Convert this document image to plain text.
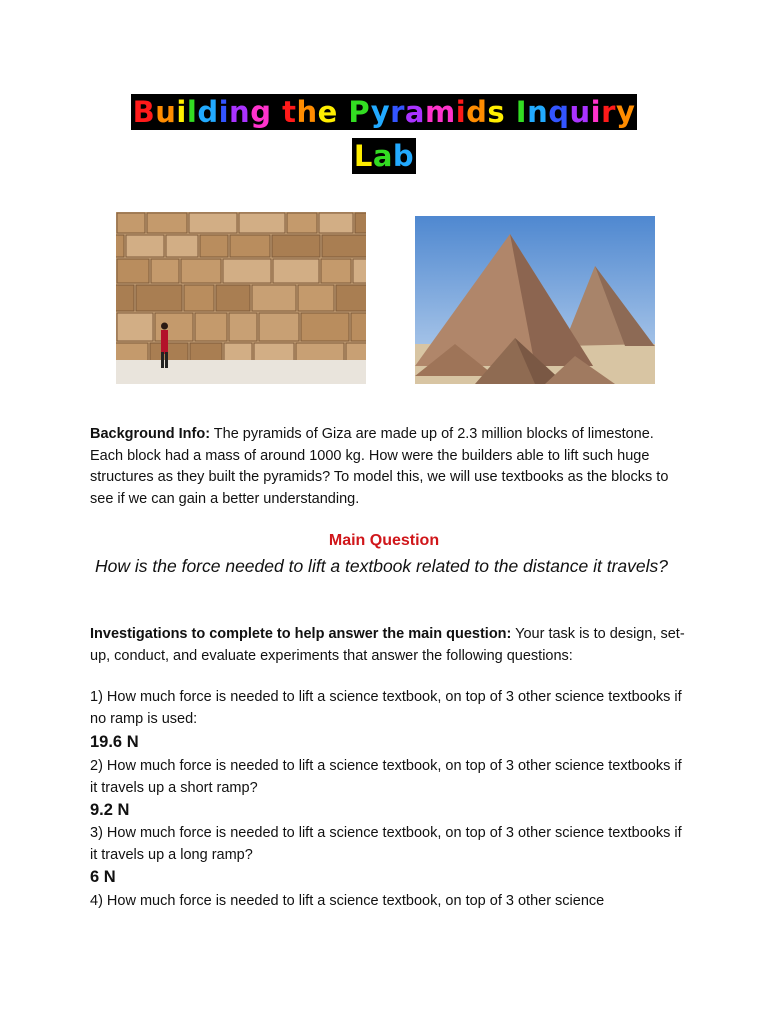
Building the Pyramids Inquiry
Lab
Background Info: The pyramids of Giza are made up of 2.3 million blocks of limestone. Each block had a mass of around 1000 kg. How were the builders able to lift such huge structures as they built the pyramids? To model this, we will use textbooks as the blocks to see if we can gain a better understanding.
Main Question
How is the force needed to lift a textbook related to the distance it travels?
Investigations to complete to help answer the main question: Your task is to design, set-up, conduct, and evaluate experiments that answer the following questions:
1) How much force is needed to lift a science textbook, on top of 3 other science textbooks if no ramp is used:
19.6 N
2) How much force is needed to lift a science textbook, on top of 3 other science textbooks if it travels up a short ramp?
9.2 N
3) How much force is needed to lift a science textbook, on top of 3 other science textbooks if it travels up a long ramp?
6 N
4) How much force is needed to lift a science textbook, on top of 3 other science
